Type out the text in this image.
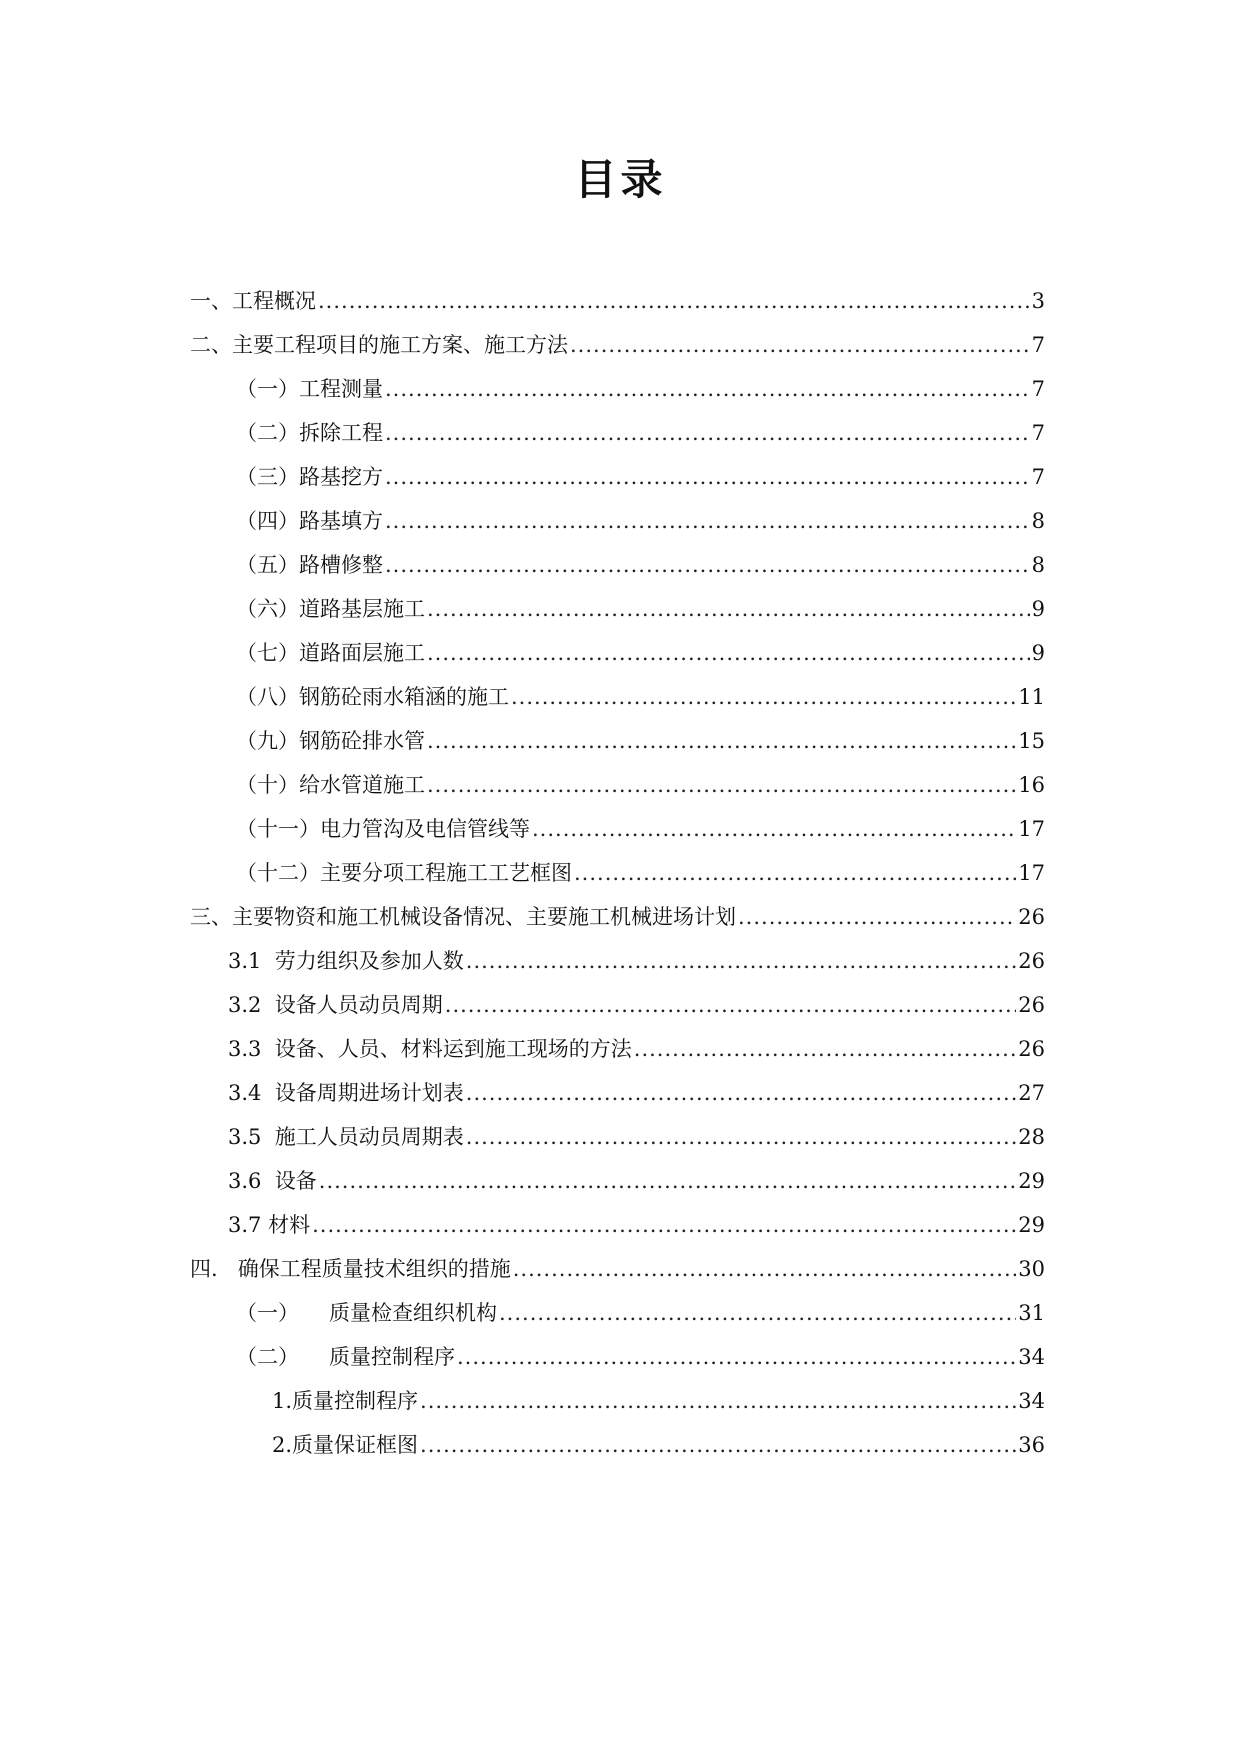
目录
一、工程概况 .....	3
二、主要工程项目的施工方案、施工方法 .....	7
（一）工程测量 .....	7
（二）拆除工程 .....	7
（三）路基挖方 .....	7
（四）路基填方 .....	8
（五）路槽修整 .....	8
（六）道路基层施工 .....	9
（七）道路面层施工 .....	9
（八）钢筋砼雨水箱涵的施工 .....	11
（九）钢筋砼排水管 .....	15
（十）给水管道施工 .....	16
（十一）电力管沟及电信管线等 .....	17
（十二）主要分项工程施工工艺框图 .....	17
三、主要物资和施工机械设备情况、主要施工机械进场计划 .....	26
3.1 劳力组织及参加人数 .....	26
3.2 设备人员动员周期 .....	26
3.3 设备、人员、材料运到施工现场的方法 .....	26
3.4 设备周期进场计划表 .....	27
3.5 施工人员动员周期表 .....	28
3.6 设备 .....	29
3.7 材料 .....	29
四. 确保工程质量技术组织的措施 .....	30
（一） 质量检查组织机构 .....	31
（二） 质量控制程序 .....	34
1.质量控制程序 .....	34
2.质量保证框图 .....	36
